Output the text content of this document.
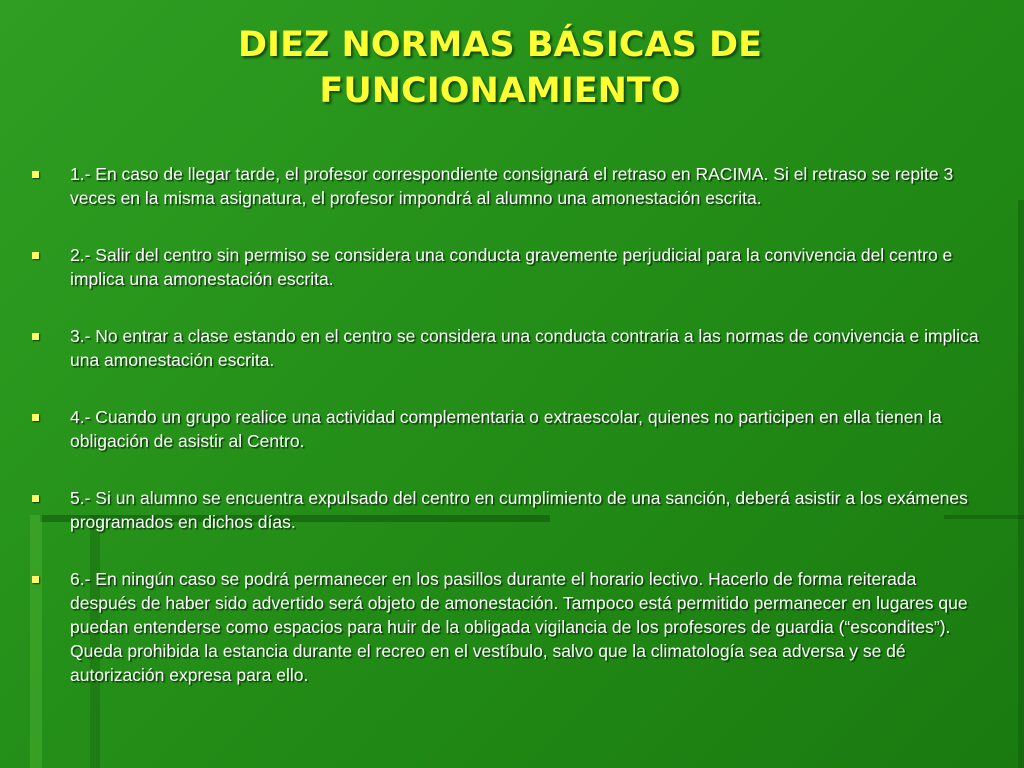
DIEZ NORMAS BÁSICAS DE
FUNCIONAMIENTO
1.- En caso de llegar tarde, el profesor correspondiente consignará el retraso en RACIMA. Si el retraso se repite 3 veces en la misma asignatura, el profesor impondrá al alumno una amonestación escrita.
2.- Salir del centro sin permiso se considera una conducta gravemente perjudicial para la convivencia del centro e implica una amonestación escrita.
3.- No entrar a clase estando en el centro se considera una conducta contraria a las normas de convivencia e implica una amonestación escrita.
4.- Cuando un grupo realice una actividad complementaria o extraescolar, quienes no participen en ella tienen la obligación de asistir al Centro.
5.- Si un alumno se encuentra expulsado del centro en cumplimiento de una sanción, deberá asistir a los exámenes programados en dichos días.
6.- En ningún caso se podrá permanecer en los pasillos durante el horario lectivo. Hacerlo de forma reiterada después de haber sido advertido será objeto de amonestación. Tampoco está permitido permanecer en lugares que puedan entenderse como espacios para huir de la obligada vigilancia de los profesores de guardia (“escondites”). Queda prohibida la estancia durante el recreo en el vestíbulo, salvo que la climatología sea adversa y se dé autorización expresa para ello.
